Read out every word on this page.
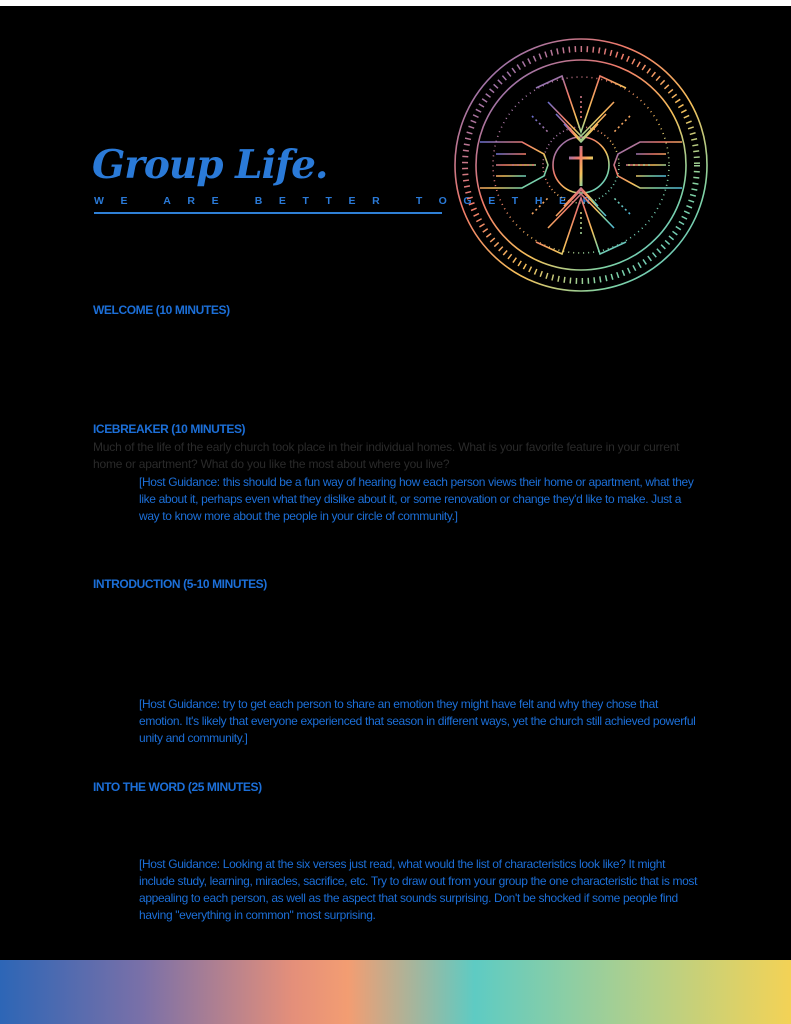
Group Life.
WE ARE BETTER TOGETHER
WELCOME (10 MINUTES)
ICEBREAKER (10 MINUTES)
Much of the life of the early church took place in their individual homes. What is your favorite feature in your current home or apartment? What do you like the most about where you live?
[Host Guidance: this should be a fun way of hearing how each person views their home or apartment, what they like about it, perhaps even what they dislike about it, or some renovation or change they'd like to make. Just a way to know more about the people in your circle of community.]
INTRODUCTION (5-10 MINUTES)
[Host Guidance: try to get each person to share an emotion they might have felt and why they chose that emotion. It's likely that everyone experienced that season in different ways, yet the church still achieved powerful unity and community.]
INTO THE WORD (25 MINUTES)
[Host Guidance: Looking at the six verses just read, what would the list of characteristics look like? It might include study, learning, miracles, sacrifice, etc. Try to draw out from your group the one characteristic that is most appealing to each person, as well as the aspect that sounds surprising. Don't be shocked if some people find having "everything in common" most surprising.
